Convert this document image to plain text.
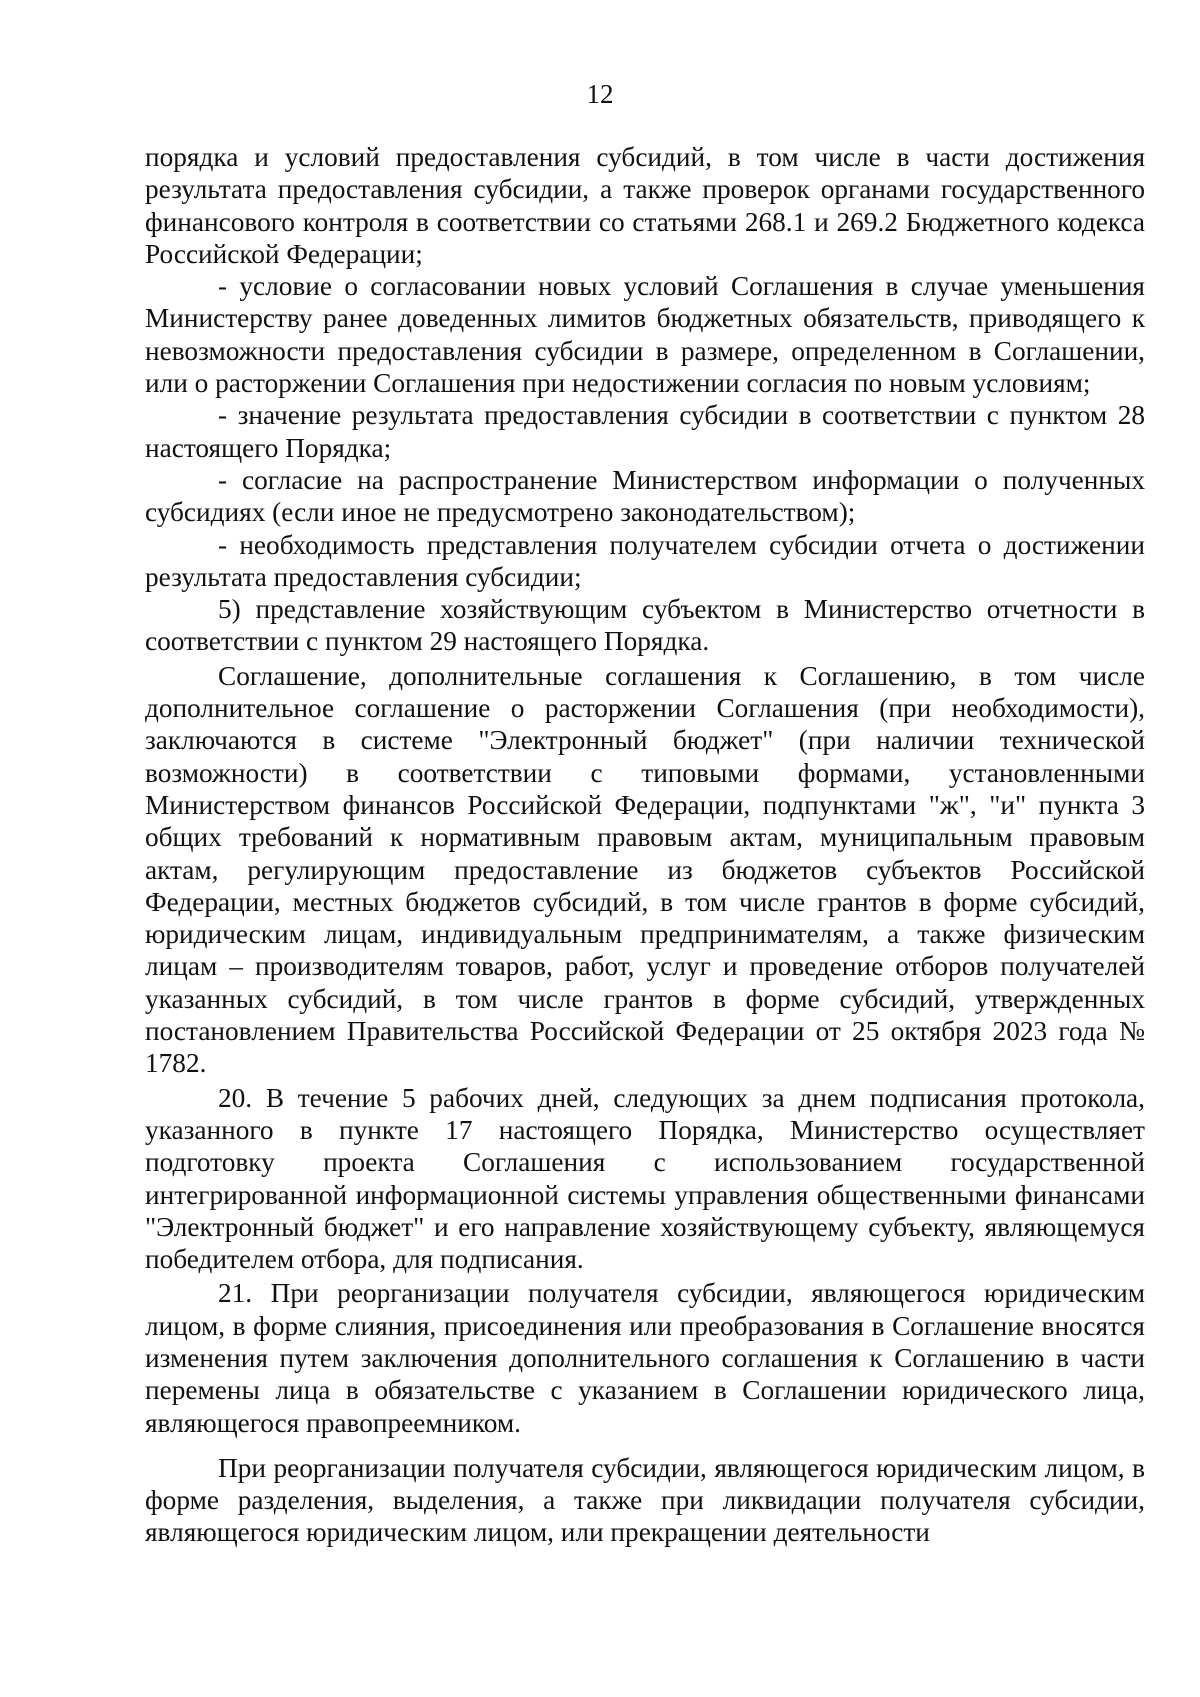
12

порядка и условий предоставления субсидий, в том числе в части достижения результата предоставления субсидии, а также проверок органами государственного финансового контроля в соответствии со статьями 268.1 и 269.2 Бюджетного кодекса Российской Федерации;

- условие о согласовании новых условий Соглашения в случае уменьшения Министерству ранее доведенных лимитов бюджетных обязательств, приводящего к невозможности предоставления субсидии в размере, определенном в Соглашении, или о расторжении Соглашения при недостижении согласия по новым условиям;

- значение результата предоставления субсидии в соответствии с пунктом 28 настоящего Порядка;

- согласие на распространение Министерством информации о полученных субсидиях (если иное не предусмотрено законодательством);

- необходимость представления получателем субсидии отчета о достижении результата предоставления субсидии;

5) представление хозяйствующим субъектом в Министерство отчетности в соответствии с пунктом 29 настоящего Порядка.

Соглашение, дополнительные соглашения к Соглашению, в том числе дополнительное соглашение о расторжении Соглашения (при необходимости), заключаются в системе "Электронный бюджет" (при наличии технической возможности) в соответствии с типовыми формами, установленными Министерством финансов Российской Федерации, подпунктами "ж", "и" пункта 3 общих требований к нормативным правовым актам, муниципальным правовым актам, регулирующим предоставление из бюджетов субъектов Российской Федерации, местных бюджетов субсидий, в том числе грантов в форме субсидий, юридическим лицам, индивидуальным предпринимателям, а также физическим лицам – производителям товаров, работ, услуг и проведение отборов получателей указанных субсидий, в том числе грантов в форме субсидий, утвержденных постановлением Правительства Российской Федерации от 25 октября 2023 года № 1782.

20. В течение 5 рабочих дней, следующих за днем подписания протокола, указанного в пункте 17 настоящего Порядка, Министерство осуществляет подготовку проекта Соглашения с использованием государственной интегрированной информационной системы управления общественными финансами "Электронный бюджет" и его направление хозяйствующему субъекту, являющемуся победителем отбора, для подписания.

21. При реорганизации получателя субсидии, являющегося юридическим лицом, в форме слияния, присоединения или преобразования в Соглашение вносятся изменения путем заключения дополнительного соглашения к Соглашению в части перемены лица в обязательстве с указанием в Соглашении юридического лица, являющегося правопреемником.

При реорганизации получателя субсидии, являющегося юридическим лицом, в форме разделения, выделения, а также при ликвидации получателя субсидии, являющегося юридическим лицом, или прекращении деятельности
